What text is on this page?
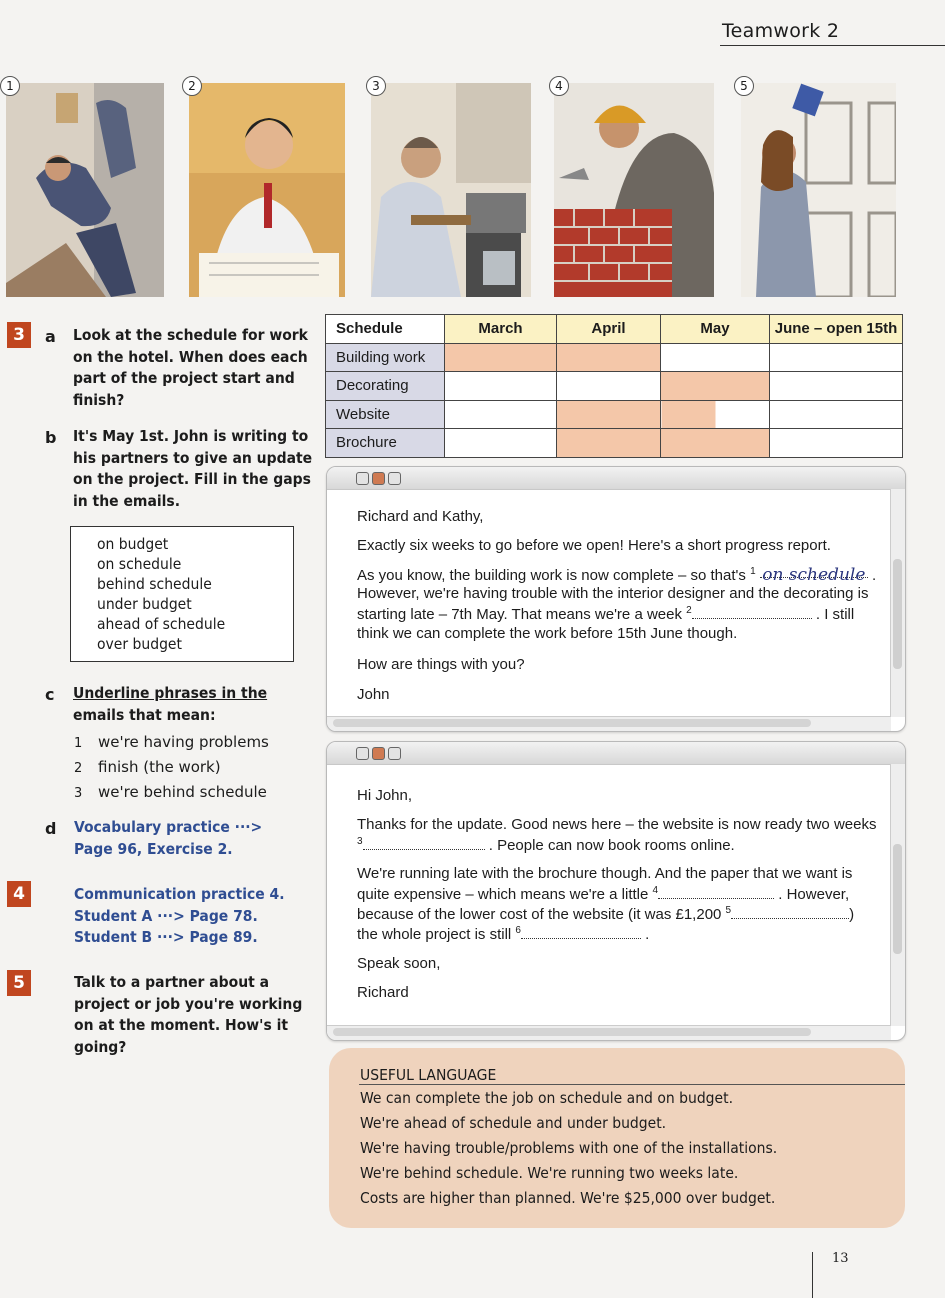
Teamwork 2
1	2	3	4	5
3	a Look at the schedule for work
on the hotel. When does each
part of the project start and
finish?
b It's May 1st. John is writing to
his partners to give an update
on the project. Fill in the gaps
in the emails.
on budget
on schedule
behind schedule
under budget
ahead of schedule
over budget
c Underline phrases in the
emails that mean:
1 we're having problems
2 finish (the work)
3 we're behind schedule
d Vocabulary practice ···>
Page 96, Exercise 2.
4	Communication practice 4.
Student A ···> Page 78.
Student B ···> Page 89.
5	Talk to a partner about a
project or job you're working
on at the moment. How's it
going?
Schedule	March	April	May	June – open 15th
Building work				
Decorating				
Website				
Brochure				
Richard and Kathy,
Exactly six weeks to go before we open! Here's a short progress report.
As you know, the building work is now complete – so that's $^1$ on schedule .
However, we're having trouble with the interior designer and the decorating is
starting late – 7th May. That means we're a week $^2$	. I still
think we can complete the work before 15th June though.
How are things with you?
John
Hi John,
Thanks for the update. Good news here – the website is now ready two weeks
$^3$	. People can now book rooms online.
We're running late with the brochure though. And the paper that we want is
quite expensive – which means we're a little $^4$	. However,
because of the lower cost of the website (it was £1,200 $^5$	)
the whole project is still $^6$	.
Speak soon,
Richard
USEFUL LANGUAGE
We can complete the job on schedule and on budget.
We're ahead of schedule and under budget.
We're having trouble/problems with one of the installations.
We're behind schedule. We're running two weeks late.
Costs are higher than planned. We're $25,000 over budget.
13
